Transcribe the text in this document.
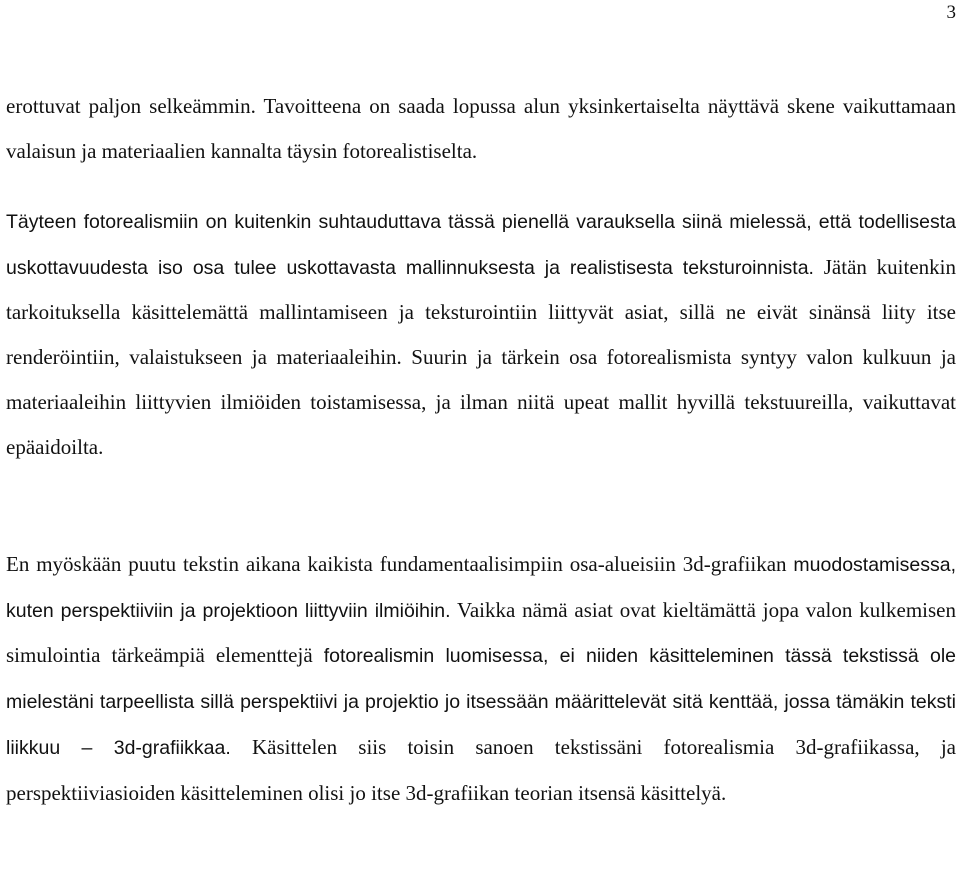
3

erottuvat paljon selkeämmin. Tavoitteena on saada lopussa alun yksinkertaiselta näyttävä skene vaikuttamaan valaisun ja materiaalien kannalta täysin fotorealistiselta.

Täyteen fotorealismiin on kuitenkin suhtauduttava tässä pienellä varauksella siinä mielessä, että todellisesta uskottavuudesta iso osa tulee uskottavasta mallinnuksesta ja realistisesta teksturoinnista. Jätän kuitenkin tarkoituksella käsittelemättä mallintamiseen ja teksturointiin liittyvät asiat, sillä ne eivät sinänsä liity itse renderöintiin, valaistukseen ja materiaaleihin. Suurin ja tärkein osa fotorealismista syntyy valon kulkuun ja materiaaleihin liittyvien ilmiöiden toistamisessa, ja ilman niitä upeat mallit hyvillä tekstuureilla, vaikuttavat epäaidoilta.

En myöskään puutu tekstin aikana kaikista fundamentaalisimpiin osa-alueisiin 3d-grafiikan muodostamisessa, kuten perspektiiviin ja projektioon liittyviin ilmiöihin. Vaikka nämä asiat ovat kieltämättä jopa valon kulkemisen simulointia tärkeämpiä elementtejä fotorealismin luomisessa, ei niiden käsitteleminen tässä tekstissä ole mielestäni tarpeellista sillä perspektiivi ja projektio jo itsessään määrittelevät sitä kenttää, jossa tämäkin teksti liikkuu – 3d-grafiikkaa. Käsittelen siis toisin sanoen tekstissäni fotorealismia 3d-grafiikassa, ja perspektiiviasioiden käsitteleminen olisi jo itse 3d-grafiikan teorian itsensä käsittelyä.
